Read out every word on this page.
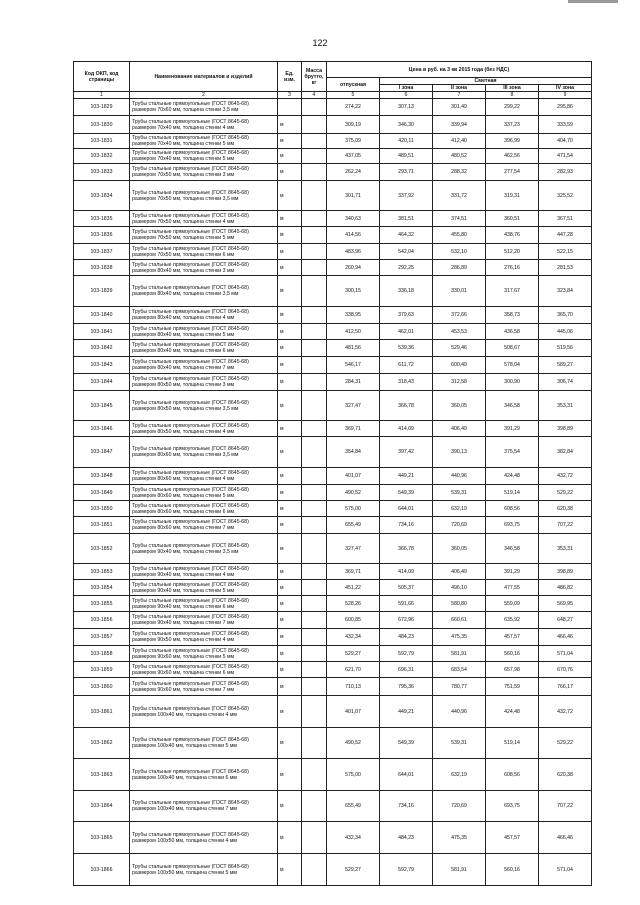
122
Код ОКП, код страницы	Наименование материалов и изделий	Ед. изм.	Масса брутто, кг	Цена в руб. на 3 кв 2015 года (без НДС)				
				отпускная	Сметная			
					I зона	II зона	III зона	IV зона
1	2	3	4	5	6	7	8	9
103-1829	Трубы стальные прямоугольные (ГОСТ 8645-68)
размером 70х60 мм, толщина стенки 3,5 мм			274,22	307,13	301,49	299,22	295,86
103-1830	Трубы стальные прямоугольные (ГОСТ 8645-68)
размером 70х40 мм, толщина стенки 4 мм	м		309,19	346,30	339,94	337,23	333,59
103-1831	Трубы стальные прямоугольные (ГОСТ 8645-68)
размером 70х40 мм, толщина стенки 5 мм	м		375,09	420,11	412,40	396,99	404,70
103-1832	Трубы стальные прямоугольные (ГОСТ 8645-68)
размером 70х40 мм, толщина стенки 5 мм	м		437,05	489,51	480,52	462,56	471,54
103-1833	Трубы стальные прямоугольные (ГОСТ 8645-68)
размером 70х50 мм, толщина стенки 3 мм	м		262,24	293,71	288,32	277,54	282,93
103-1834	Трубы стальные прямоугольные (ГОСТ 8645-68)
размером 70х50 мм, толщина стенки 3,5 мм	м		301,71	337,92	331,72	319,31	325,52
103-1835	Трубы стальные прямоугольные (ГОСТ 8645-68)
размером 70х50 мм, толщина стенки 4 мм	м		340,63	381,51	374,51	360,51	367,51
103-1836	Трубы стальные прямоугольные (ГОСТ 8645-68)
размером 70х50 мм, толщина стенки 5 мм	м		414,56	464,32	455,80	438,76	447,28
103-1837	Трубы стальные прямоугольные (ГОСТ 8645-68)
размером 70х50 мм, толщина стенки 6 мм	м		483,96	542,04	532,10	512,20	522,15
103-1838	Трубы стальные прямоугольные (ГОСТ 8645-68)
размером 80х40 мм, толщина стенки 3 мм	м		260,94	292,25	286,89	276,16	281,53
103-1839	Трубы стальные прямоугольные (ГОСТ 8645-68)
размером 80х40 мм, толщина стенки 3,5 мм	м		300,15	336,18	330,01	317,67	323,84
103-1840	Трубы стальные прямоугольные (ГОСТ 8645-68)
размером 80х40 мм, толщина стенки 4 мм	м		338,95	379,63	372,66	358,73	365,70
103-1841	Трубы стальные прямоугольные (ГОСТ 8645-68)
размером 80х40 мм, толщина стенки 5 мм	м		412,50	462,01	453,53	436,58	445,06
103-1842	Трубы стальные прямоугольные (ГОСТ 8645-68)
размером 80х40 мм, толщина стенки 6 мм	м		481,56	539,36	529,46	508,67	519,56
103-1843	Трубы стальные прямоугольные (ГОСТ 8645-68)
размером 80х40 мм, толщина стенки 7 мм	м		546,17	611,72	600,49	578,04	589,27
103-1844	Трубы стальные прямоугольные (ГОСТ 8645-68)
размером 80х50 мм, толщина стенки 3 мм	м		284,31	318,43	312,58	300,90	306,74
103-1845	Трубы стальные прямоугольные (ГОСТ 8645-68)
размером 80х50 мм, толщина стенки 3,5 мм	м		327,47	366,78	360,05	346,58	353,31
103-1846	Трубы стальные прямоугольные (ГОСТ 8645-68)
размером 80х50 мм, толщина стенки 4 мм	м		369,71	414,09	406,49	391,29	398,89
103-1847	Трубы стальные прямоугольные (ГОСТ 8645-68)
размером 80х60 мм, толщина стенки 3,5 мм	м		354,84	397,42	390,13	375,54	382,84
103-1848	Трубы стальные прямоугольные (ГОСТ 8645-68)
размером 80х60 мм, толщина стенки 4 мм	м		401,07	449,21	440,96	424,48	432,72
103-1849	Трубы стальные прямоугольные (ГОСТ 8645-68)
размером 80х60 мм, толщина стенки 5 мм	м		490,52	549,39	539,31	519,14	529,22
103-1850	Трубы стальные прямоугольные (ГОСТ 8645-68)
размером 80х60 мм, толщина стенки 6 мм	м		575,00	644,01	632,19	608,56	620,38
103-1851	Трубы стальные прямоугольные (ГОСТ 8645-68)
размером 80х60 мм, толщина стенки 7 мм	м		655,49	734,16	720,69	693,75	707,22
103-1852	Трубы стальные прямоугольные (ГОСТ 8645-68)
размером 90х40 мм, толщина стенки 3,5 мм	м		327,47	366,78	360,05	346,58	353,31
103-1853	Трубы стальные прямоугольные (ГОСТ 8645-68)
размером 90х40 мм, толщина стенки 4 мм	м		369,71	414,09	406,49	391,29	398,89
103-1854	Трубы стальные прямоугольные (ГОСТ 8645-68)
размером 90х40 мм, толщина стенки 5 мм	м		451,22	505,37	496,10	477,55	486,82
103-1855	Трубы стальные прямоугольные (ГОСТ 8645-68)
размером 90х40 мм, толщина стенки 6 мм	м		528,26	591,66	580,80	559,09	569,95
103-1856	Трубы стальные прямоугольные (ГОСТ 8645-68)
размером 90х40 мм, толщина стенки 7 мм	м		600,85	672,96	660,61	635,92	648,27
103-1857	Трубы стальные прямоугольные (ГОСТ 8645-68)
размером 90х50 мм, толщина стенки 4 мм	м		432,34	484,23	475,35	457,57	466,46
103-1858	Трубы стальные прямоугольные (ГОСТ 8645-68)
размером 90х60 мм, толщина стенки 5 мм	м		529,27	592,79	581,91	560,16	571,04
103-1859	Трубы стальные прямоугольные (ГОСТ 8645-68)
размером 90х60 мм, толщина стенки 6 мм	м		621,70	696,31	683,54	657,98	670,76
103-1860	Трубы стальные прямоугольные (ГОСТ 8645-68)
размером 90х60 мм, толщина стенки 7 мм	м		710,13	795,36	780,77	751,59	766,17
103-1861	Трубы стальные прямоугольные (ГОСТ 8645-68)
размером 100х40 мм, толщина стенки 4 мм	м		401,07	449,21	440,96	424,48	432,72
103-1862	Трубы стальные прямоугольные (ГОСТ 8645-68)
размером 100х40 мм, толщина стенки 5 мм	м		490,52	549,39	539,31	519,14	529,22
103-1863	Трубы стальные прямоугольные (ГОСТ 8645-68)
размером 100х40 мм, толщина стенки 6 мм	м		575,00	644,01	632,19	608,56	620,38
103-1864	Трубы стальные прямоугольные (ГОСТ 8645-68)
размером 100х40 мм, толщина стенки 7 мм	м		655,49	734,16	720,69	693,75	707,22
103-1865	Трубы стальные прямоугольные (ГОСТ 8645-68)
размером 100х50 мм, толщина стенки 4 мм	м		432,34	484,23	475,35	457,57	466,46
103-1866	Трубы стальные прямоугольные (ГОСТ 8645-68)
размером 100х50 мм, толщина стенки 5 мм	м		529,27	592,79	581,91	560,16	571,04
